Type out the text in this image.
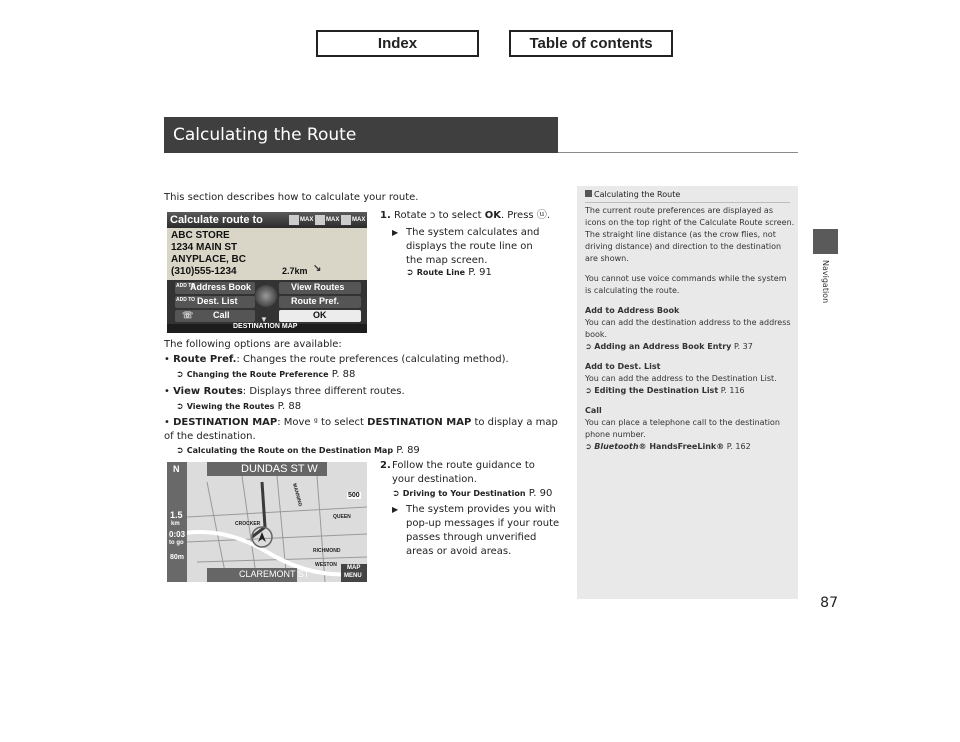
Index	Table of contents
Calculating the Route
Navigation
87
This section describes how to calculate your route.
Calculate route to	MAX MAX MAX
ABC STORE
1234 MAIN ST
ANYPLACE, BC
(310)555-1234	2.7km ↘
ADD TO
Address Book
ADD TO Dest. List
☏ Call
View Routes
Route Pref.
OK
▼
DESTINATION MAP
1. Rotate ↄ to select OK. Press ⓤ.
▶ The system calculates and displays the route line on the map screen.
➲ Route Line P. 91
The following options are available:
• Route Pref.: Changes the route preferences (calculating method).
➲ Changing the Route Preference P. 88
• View Routes: Displays three different routes.
➲ Viewing the Routes P. 88
• DESTINATION MAP: Move ᵍ to select DESTINATION MAP to display a map of the destination.
➲ Calculating the Route on the Destination Map P. 89
N	DUNDAS ST W
1.5
km
0:03
to go
80m
500
CROCKER
QUEEN
RICHMOND
MANNING
WESTON
CLAREMONT ST
MAP
MENU
2. Follow the route guidance to your destination.
➲ Driving to Your Destination P. 90
▶ The system provides you with pop-up messages if your route passes through unverified areas or avoid areas.
Calculating the Route
The current route preferences are displayed as icons on the top right of the Calculate Route screen. The straight line distance (as the crow flies, not driving distance) and direction to the destination are shown.
You cannot use voice commands while the system is calculating the route.
Add to Address Book
You can add the destination address to the address book.
➲ Adding an Address Book Entry P. 37
Add to Dest. List
You can add the address to the Destination List.
➲ Editing the Destination List P. 116
Call
You can place a telephone call to the destination phone number.
➲ Bluetooth® HandsFreeLink® P. 162
